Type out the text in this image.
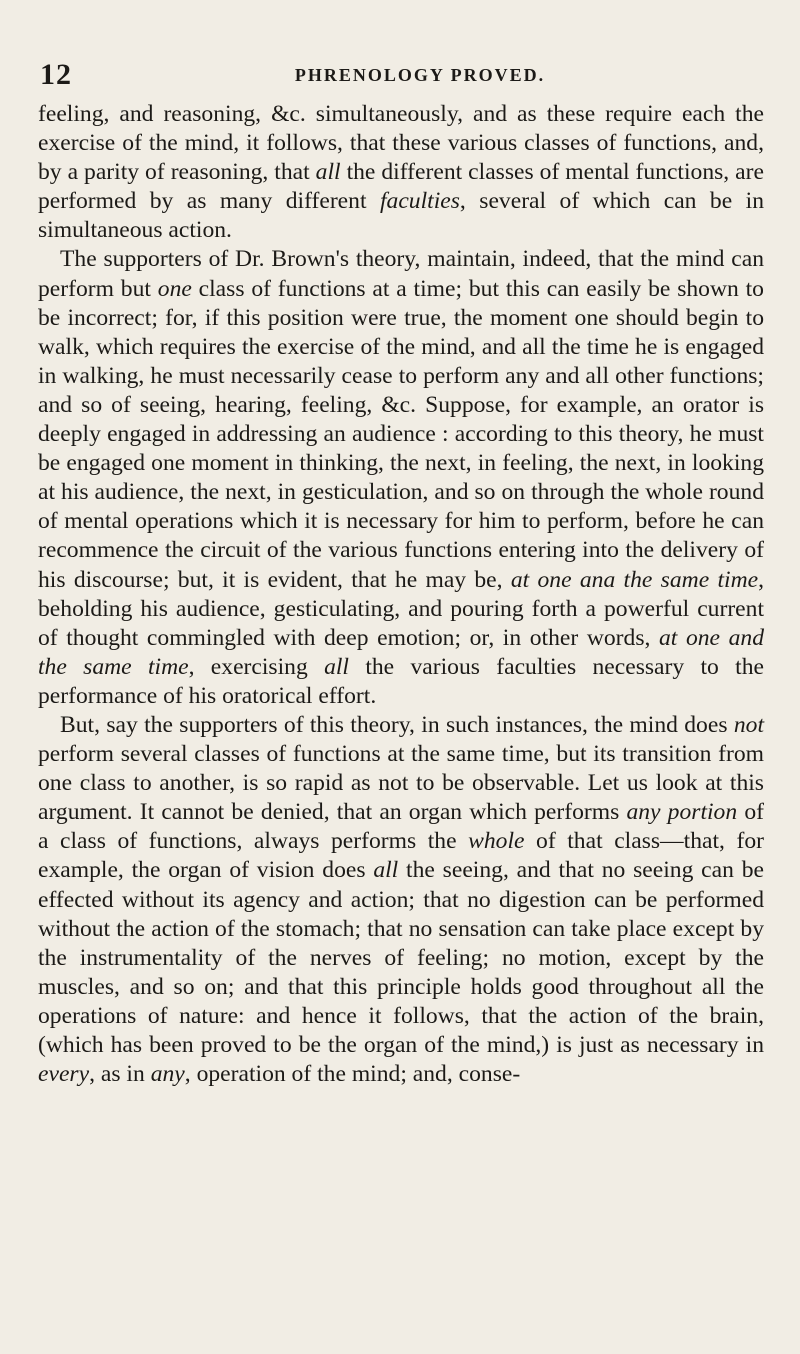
12	PHRENOLOGY PROVED.

feeling, and reasoning, &c. simultaneously, and as these require each the exercise of the mind, it follows, that these various classes of functions, and, by a parity of reasoning, that all the different classes of mental functions, are performed by as many different faculties, several of which can be in simultaneous action.

The supporters of Dr. Brown's theory, maintain, indeed, that the mind can perform but one class of functions at a time; but this can easily be shown to be incorrect; for, if this position were true, the moment one should begin to walk, which requires the exercise of the mind, and all the time he is engaged in walking, he must necessarily cease to perform any and all other functions; and so of seeing, hearing, feeling, &c. Suppose, for example, an orator is deeply engaged in addressing an audience : according to this theory, he must be engaged one moment in thinking, the next, in feeling, the next, in looking at his audience, the next, in gesticulation, and so on through the whole round of mental operations which it is necessary for him to perform, before he can recommence the circuit of the various functions entering into the delivery of his discourse; but, it is evident, that he may be, at one ana the same time, beholding his audience, gesticulating, and pouring forth a powerful current of thought commingled with deep emotion; or, in other words, at one and the same time, exercising all the various faculties necessary to the performance of his oratorical effort.

But, say the supporters of this theory, in such instances, the mind does not perform several classes of functions at the same time, but its transition from one class to another, is so rapid as not to be observable. Let us look at this argument. It cannot be denied, that an organ which performs any portion of a class of functions, always performs the whole of that class—that, for example, the organ of vision does all the seeing, and that no seeing can be effected without its agency and action; that no digestion can be performed without the action of the stomach; that no sensation can take place except by the instrumentality of the nerves of feeling; no motion, except by the muscles, and so on; and that this principle holds good throughout all the operations of nature: and hence it follows, that the action of the brain, (which has been proved to be the organ of the mind,) is just as necessary in every, as in any, operation of the mind; and, conse-
